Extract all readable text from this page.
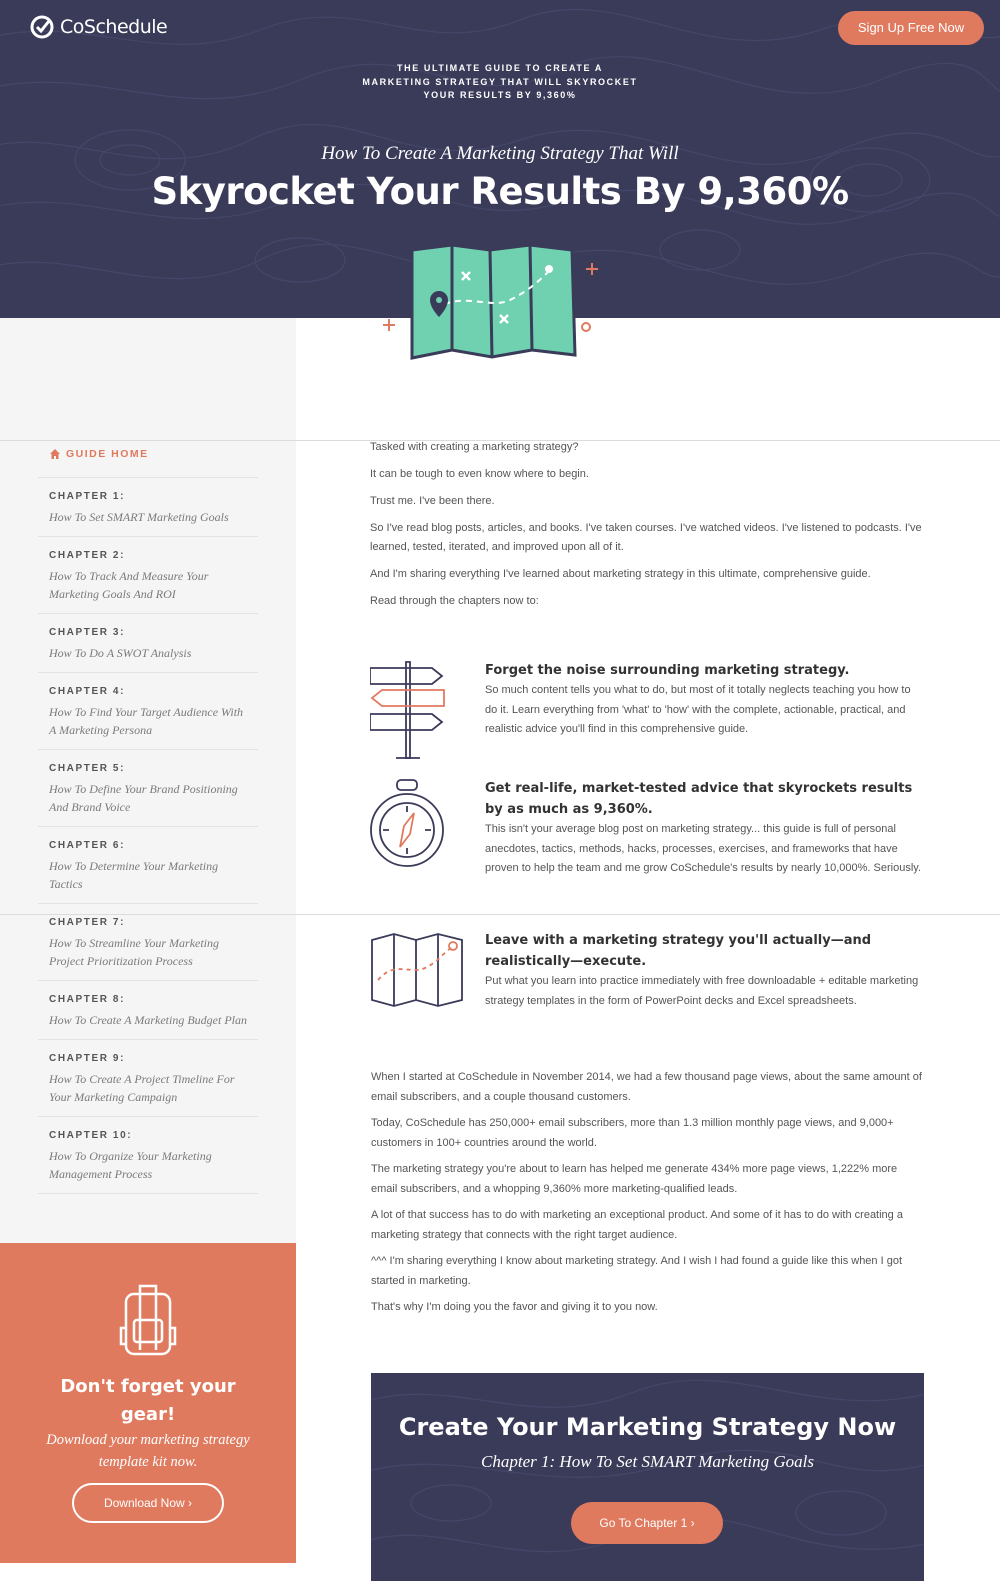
CoSchedule	Sign Up Free Now
THE ULTIMATE GUIDE TO CREATE A
MARKETING STRATEGY THAT WILL SKYROCKET
YOUR RESULTS BY 9,360%
How To Create A Marketing Strategy That Will
Skyrocket Your Results By 9,360%
GUIDE HOME
CHAPTER 1:
How To Set SMART Marketing Goals
CHAPTER 2:
How To Track And Measure Your Marketing Goals And ROI
CHAPTER 3:
How To Do A SWOT Analysis
CHAPTER 4:
How To Find Your Target Audience With A Marketing Persona
CHAPTER 5:
How To Define Your Brand Positioning And Brand Voice
CHAPTER 6:
How To Determine Your Marketing Tactics
CHAPTER 7:
How To Streamline Your Marketing Project Prioritization Process
CHAPTER 8:
How To Create A Marketing Budget Plan
CHAPTER 9:
How To Create A Project Timeline For Your Marketing Campaign
CHAPTER 10:
How To Organize Your Marketing Management Process
Don't forget your gear!
Download your marketing strategy template kit now.
Download Now ›

Tasked with creating a marketing strategy?

It can be tough to even know where to begin.

Trust me. I've been there.

So I've read blog posts, articles, and books. I've taken courses. I've watched videos. I've listened to podcasts. I've learned, tested, iterated, and improved upon all of it.

And I'm sharing everything I've learned about marketing strategy in this ultimate, comprehensive guide.

Read through the chapters now to:

Forget the noise surrounding marketing strategy.
So much content tells you what to do, but most of it totally neglects teaching you how to do it. Learn everything from 'what' to 'how' with the complete, actionable, practical, and realistic advice you'll find in this comprehensive guide.
Get real-life, market-tested advice that skyrockets results by as much as 9,360%.
This isn't your average blog post on marketing strategy... this guide is full of personal anecdotes, tactics, methods, hacks, processes, exercises, and frameworks that have proven to help the team and me grow CoSchedule's results by nearly 10,000%. Seriously.
Leave with a marketing strategy you'll actually—and realistically—execute.
Put what you learn into practice immediately with free downloadable + editable marketing strategy templates in the form of PowerPoint decks and Excel spreadsheets.

When I started at CoSchedule in November 2014, we had a few thousand page views, about the same amount of email subscribers, and a couple thousand customers.

Today, CoSchedule has 250,000+ email subscribers, more than 1.3 million monthly page views, and 9,000+ customers in 100+ countries around the world.

The marketing strategy you're about to learn has helped me generate 434% more page views, 1,222% more email subscribers, and a whopping 9,360% more marketing-qualified leads.

A lot of that success has to do with marketing an exceptional product. And some of it has to do with creating a marketing strategy that connects with the right target audience.

^^^ I'm sharing everything I know about marketing strategy. And I wish I had found a guide like this when I got started in marketing.

That's why I'm doing you the favor and giving it to you now.

Create Your Marketing Strategy Now
Chapter 1: How To Set SMART Marketing Goals
Go To Chapter 1 ›
